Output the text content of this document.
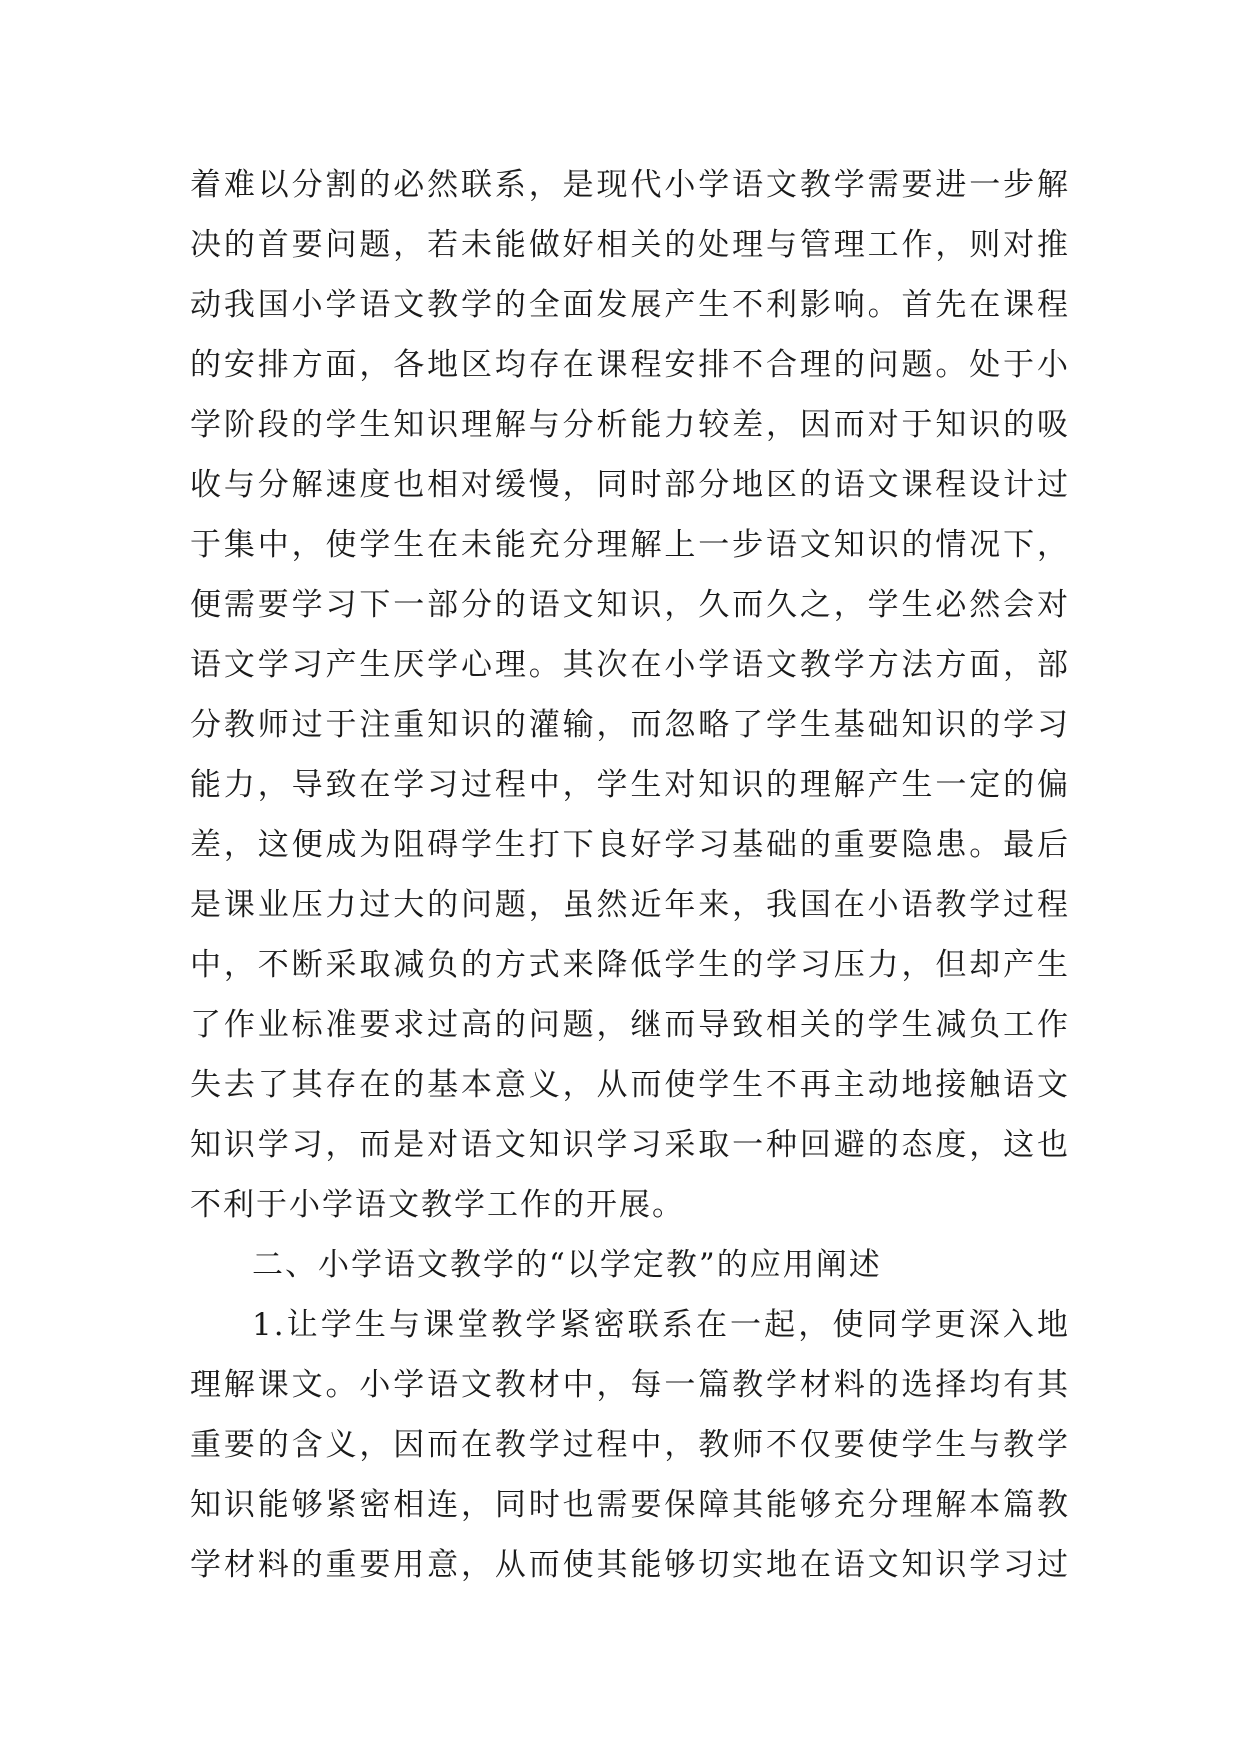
着难以分割的必然联系，是现代小学语文教学需要进一步解
决的首要问题，若未能做好相关的处理与管理工作，则对推
动我国小学语文教学的全面发展产生不利影响。首先在课程
的安排方面，各地区均存在课程安排不合理的问题。处于小
学阶段的学生知识理解与分析能力较差，因而对于知识的吸
收与分解速度也相对缓慢，同时部分地区的语文课程设计过
于集中，使学生在未能充分理解上一步语文知识的情况下，
便需要学习下一部分的语文知识，久而久之，学生必然会对
语文学习产生厌学心理。其次在小学语文教学方法方面，部
分教师过于注重知识的灌输，而忽略了学生基础知识的学习
能力，导致在学习过程中，学生对知识的理解产生一定的偏
差，这便成为阻碍学生打下良好学习基础的重要隐患。最后
是课业压力过大的问题，虽然近年来，我国在小语教学过程
中，不断采取减负的方式来降低学生的学习压力，但却产生
了作业标准要求过高的问题，继而导致相关的学生减负工作
失去了其存在的基本意义，从而使学生不再主动地接触语文
知识学习，而是对语文知识学习采取一种回避的态度，这也
不利于小学语文教学工作的开展。
二、小学语文教学的“以学定教”的应用阐述
1.让学生与课堂教学紧密联系在一起，使同学更深入地
理解课文。小学语文教材中，每一篇教学材料的选择均有其
重要的含义，因而在教学过程中，教师不仅要使学生与教学
知识能够紧密相连，同时也需要保障其能够充分理解本篇教
学材料的重要用意，从而使其能够切实地在语文知识学习过
